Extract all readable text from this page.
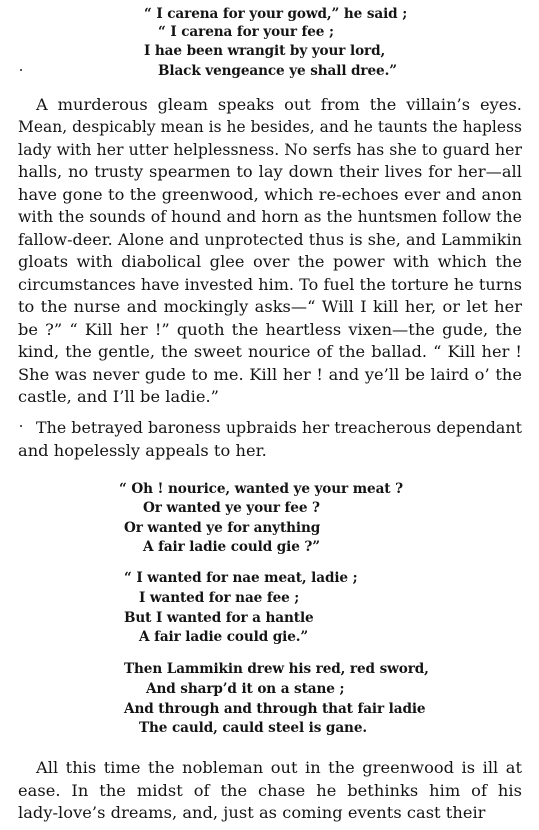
“ I carena for your gowd,” he said ;
“ I carena for your fee ;
I hae been wrangit by your lord,
Black vengeance ye shall dree.”
A murderous gleam speaks out from the villain’s eyes.
Mean, despicably mean is he besides, and he taunts the hapless
lady with her utter helplessness. No serfs has she to guard her
halls, no trusty spearmen to lay down their lives for her—all
have gone to the greenwood, which re-echoes ever and anon
with the sounds of hound and horn as the huntsmen follow the
fallow-deer. Alone and unprotected thus is she, and Lammikin
gloats with diabolical glee over the power with which the
circumstances have invested him. To fuel the torture he turns
to the nurse and mockingly asks—“ Will I kill her, or let her
be ?” “ Kill her !” quoth the heartless vixen—the gude, the
kind, the gentle, the sweet nourice of the ballad. “ Kill her !
She was never gude to me. Kill her ! and ye’ll be laird o’ the
castle, and I’ll be ladie.”
The betrayed baroness upbraids her treacherous dependant
and hopelessly appeals to her.
“ Oh ! nourice, wanted ye your meat ?
Or wanted ye your fee ?
Or wanted ye for anything
A fair ladie could gie ?”
“ I wanted for nae meat, ladie ;
I wanted for nae fee ;
But I wanted for a hantle
A fair ladie could gie.”
Then Lammikin drew his red, red sword,
And sharp’d it on a stane ;
And through and through that fair ladie
The cauld, cauld steel is gane.
All this time the nobleman out in the greenwood is ill at
ease. In the midst of the chase he bethinks him of his
lady-love’s dreams, and, just as coming events cast their
